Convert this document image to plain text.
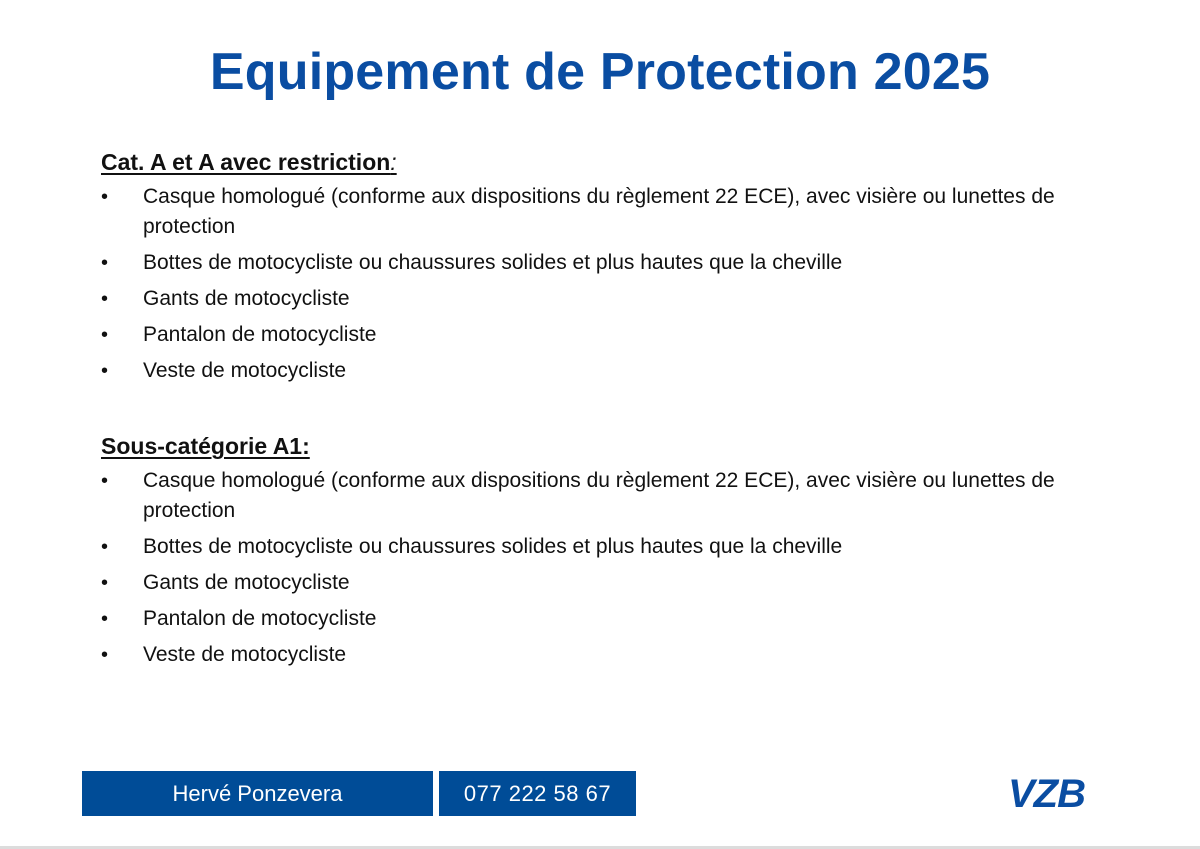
Equipement de Protection 2025
Cat. A et A avec restriction:
•	Casque homologué (conforme aux dispositions du règlement 22 ECE), avec visière ou lunettes de protection
•	Bottes de motocycliste ou chaussures solides et plus hautes que la cheville
•	Gants de motocycliste
•	Pantalon de motocycliste
•	Veste de motocycliste
Sous-catégorie A1:
•	Casque homologué (conforme aux dispositions du règlement 22 ECE), avec visière ou lunettes de protection
•	Bottes de motocycliste ou chaussures solides et plus hautes que la cheville
•	Gants de motocycliste
•	Pantalon de motocycliste
•	Veste de motocycliste
Hervé Ponzevera	077 222 58 67	VZB
